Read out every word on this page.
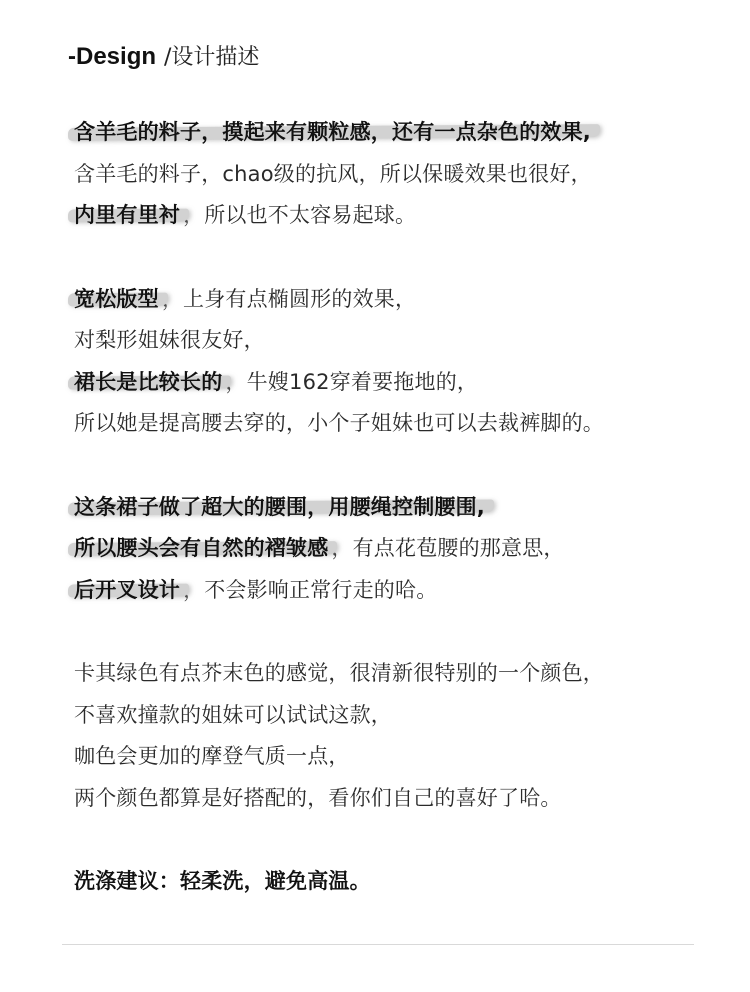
-Design /设计描述
含羊毛的料子，摸起来有颗粒感，还有一点杂色的效果,
含羊毛的料子，chao级的抗风，所以保暖效果也很好，
内里有里衬 ，所以也不太容易起球。
宽松版型 ，上身有点椭圆形的效果，
对梨形姐妹很友好，
裙长是比较长的 ，牛嫂162穿着要拖地的，
所以她是提高腰去穿的，小个子姐妹也可以去裁裤脚的。
这条裙子做了超大的腰围，用腰绳控制腰围,
所以腰头会有自然的褶皱感 ，有点花苞腰的那意思，
后开叉设计 ，不会影响正常行走的哈。
卡其绿色有点芥末色的感觉，很清新很特别的一个颜色，
不喜欢撞款的姐妹可以试试这款，
咖色会更加的摩登气质一点，
两个颜色都算是好搭配的，看你们自己的喜好了哈。
洗涤建议：轻柔洗，避免高温。
